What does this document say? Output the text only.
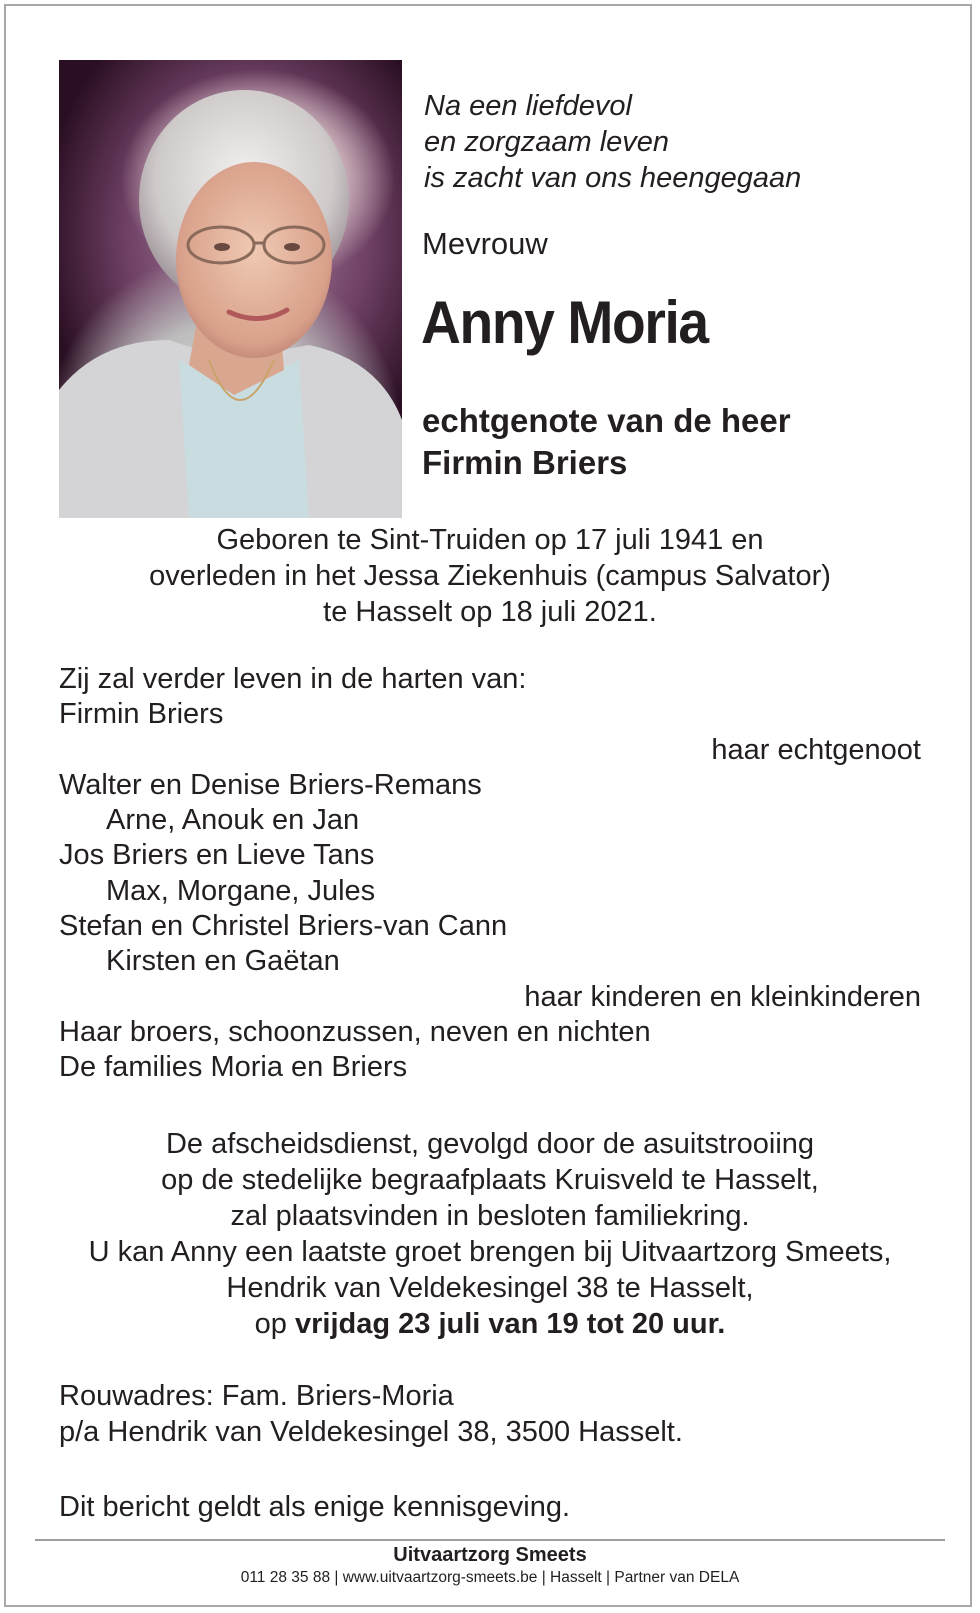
Na een liefdevol
en zorgzaam leven
is zacht van ons heengegaan
Mevrouw
Anny Moria
echtgenote van de heer
Firmin Briers
Geboren te Sint-Truiden op 17 juli 1941 en
overleden in het Jessa Ziekenhuis (campus Salvator)
te Hasselt op 18 juli 2021.
Zij zal verder leven in de harten van:
Firmin Briers
haar echtgenoot
Walter en Denise Briers-Remans
Arne, Anouk en Jan
Jos Briers en Lieve Tans
Max, Morgane, Jules
Stefan en Christel Briers-van Cann
Kirsten en Gaëtan
haar kinderen en kleinkinderen
Haar broers, schoonzussen, neven en nichten
De families Moria en Briers
De afscheidsdienst, gevolgd door de asuitstrooiing
op de stedelijke begraafplaats Kruisveld te Hasselt,
zal plaatsvinden in besloten familiekring.
U kan Anny een laatste groet brengen bij Uitvaartzorg Smeets,
Hendrik van Veldekesingel 38 te Hasselt,
op vrijdag 23 juli van 19 tot 20 uur.
Rouwadres: Fam. Briers-Moria
p/a Hendrik van Veldekesingel 38, 3500 Hasselt.
Dit bericht geldt als enige kennisgeving.
Uitvaartzorg Smeets
011 28 35 88 | www.uitvaartzorg-smeets.be | Hasselt | Partner van DELA
